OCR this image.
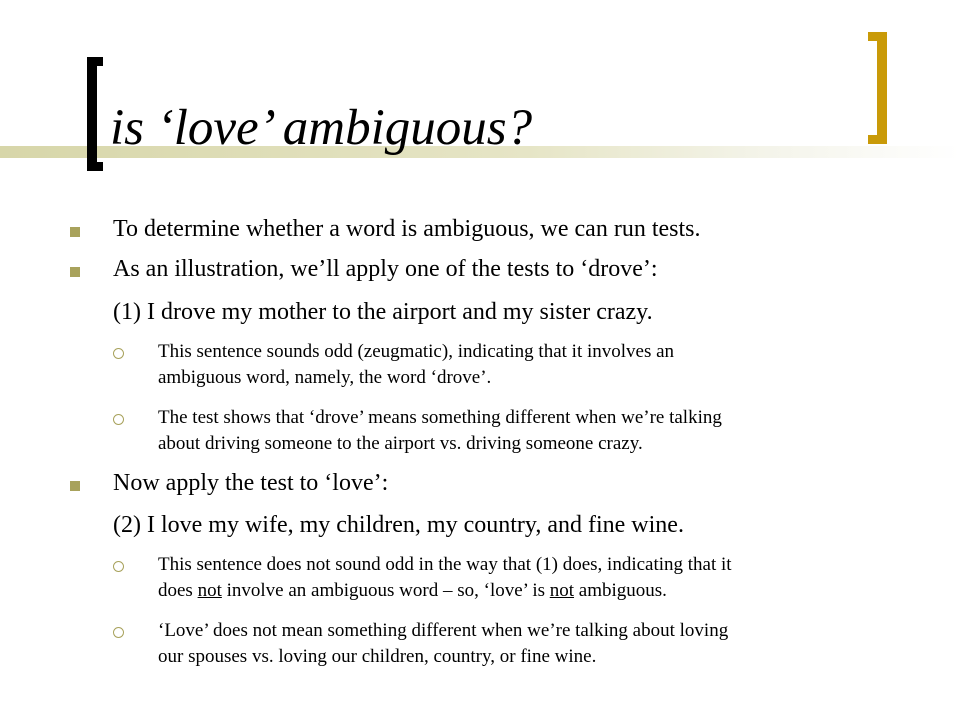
is ‘love’ ambiguous?
To determine whether a word is ambiguous, we can run tests.
As an illustration, we’ll apply one of the tests to ‘drove’:
(1) I drove my mother to the airport and my sister crazy.
This sentence sounds odd (zeugmatic), indicating that it involves an
ambiguous word, namely, the word ‘drove’.
The test shows that ‘drove’ means something different when we’re talking
about driving someone to the airport vs. driving someone crazy.
Now apply the test to ‘love’:
(2) I love my wife, my children, my country, and fine wine.
This sentence does not sound odd in the way that (1) does, indicating that it
does not involve an ambiguous word – so, ‘love’ is not ambiguous.
‘Love’ does not mean something different when we’re talking about loving
our spouses vs. loving our children, country, or fine wine.
